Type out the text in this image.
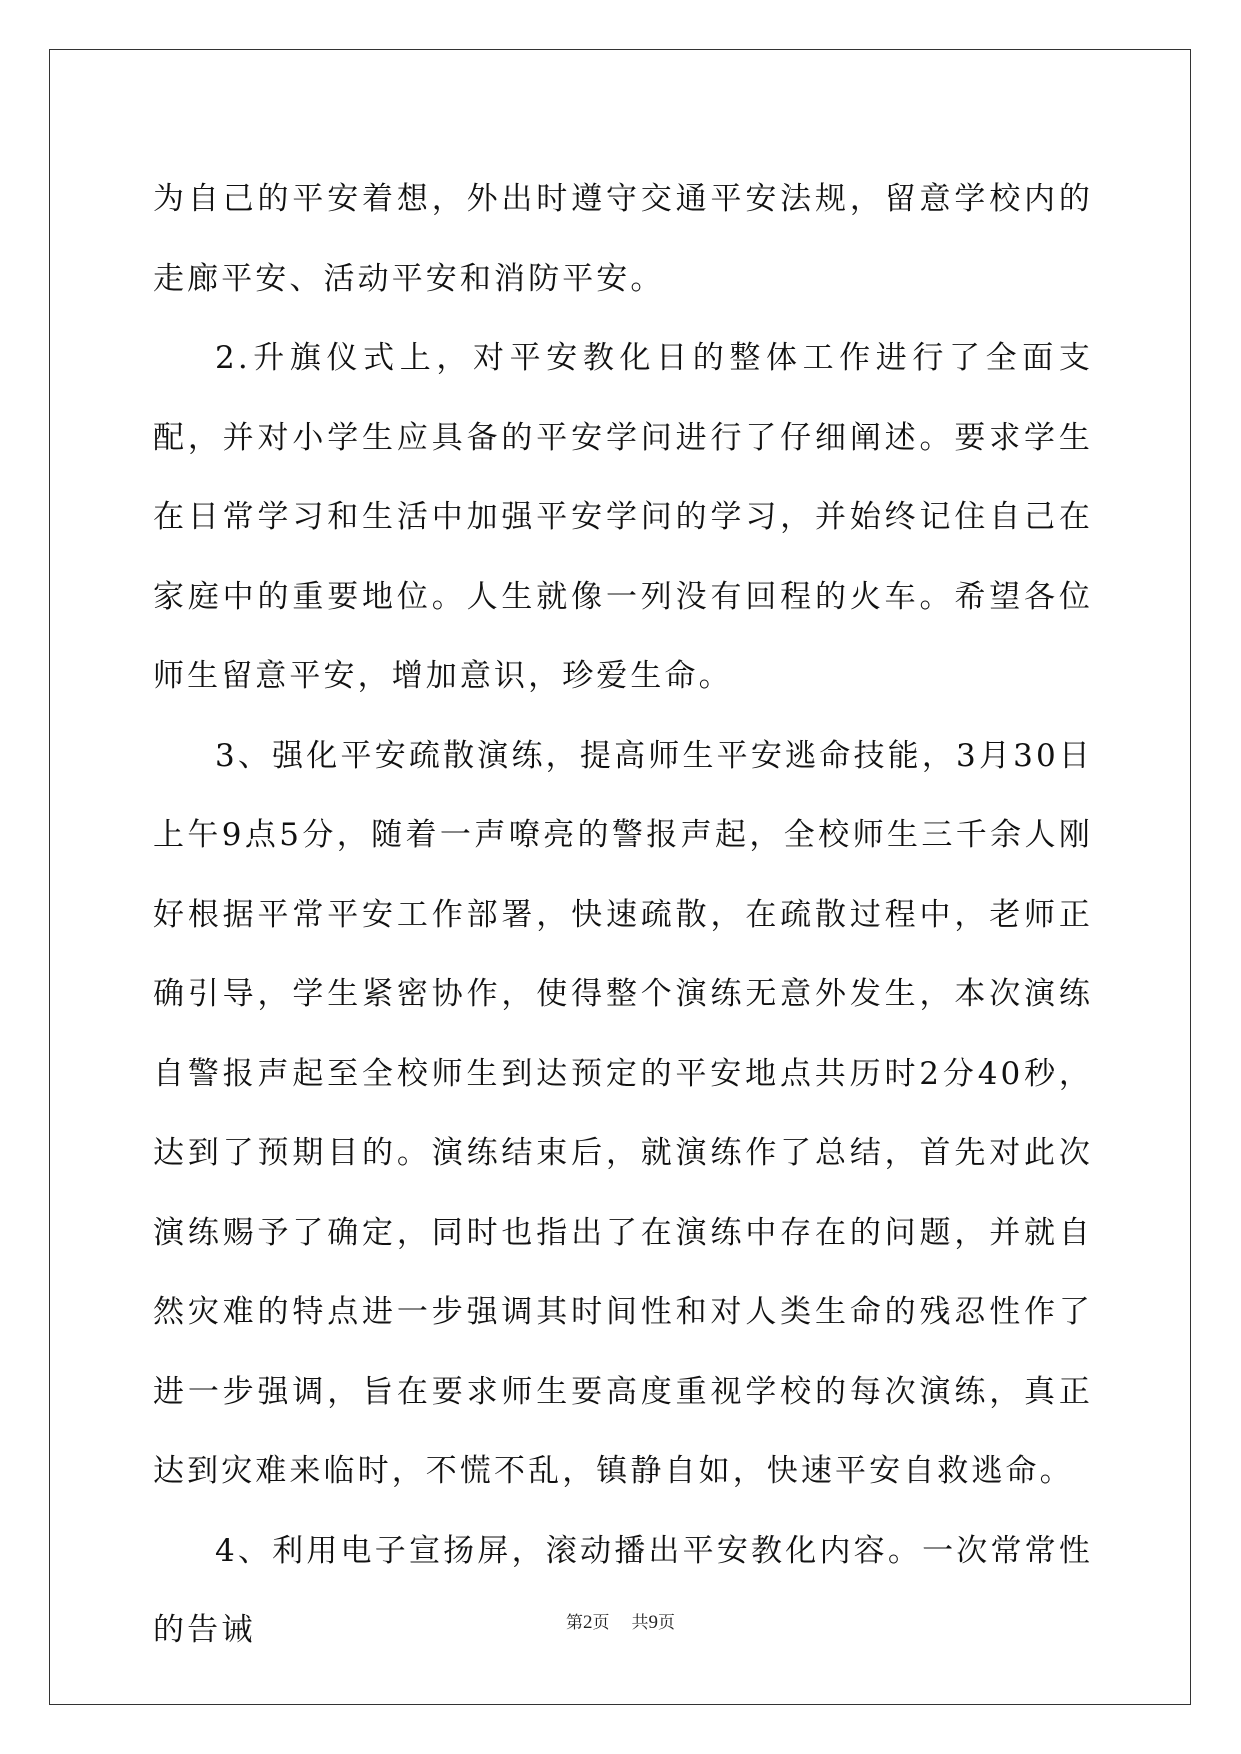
为自己的平安着想，外出时遵守交通平安法规，留意学校内的走廊平安、活动平安和消防平安。

2.升旗仪式上，对平安教化日的整体工作进行了全面支配，并对小学生应具备的平安学问进行了仔细阐述。要求学生在日常学习和生活中加强平安学问的学习，并始终记住自己在家庭中的重要地位。人生就像一列没有回程的火车。希望各位师生留意平安，增加意识，珍爱生命。

3、强化平安疏散演练，提高师生平安逃命技能，3月30日上午9点5分，随着一声嘹亮的警报声起，全校师生三千余人刚好根据平常平安工作部署，快速疏散，在疏散过程中，老师正确引导，学生紧密协作，使得整个演练无意外发生，本次演练自警报声起至全校师生到达预定的平安地点共历时2分40秒，达到了预期目的。演练结束后，就演练作了总结，首先对此次演练赐予了确定，同时也指出了在演练中存在的问题，并就自然灾难的特点进一步强调其时间性和对人类生命的残忍性作了进一步强调，旨在要求师生要高度重视学校的每次演练，真正达到灾难来临时，不慌不乱，镇静自如，快速平安自救逃命。

4、利用电子宣扬屏，滚动播出平安教化内容。一次常常性的告诫	第2页 共9页
